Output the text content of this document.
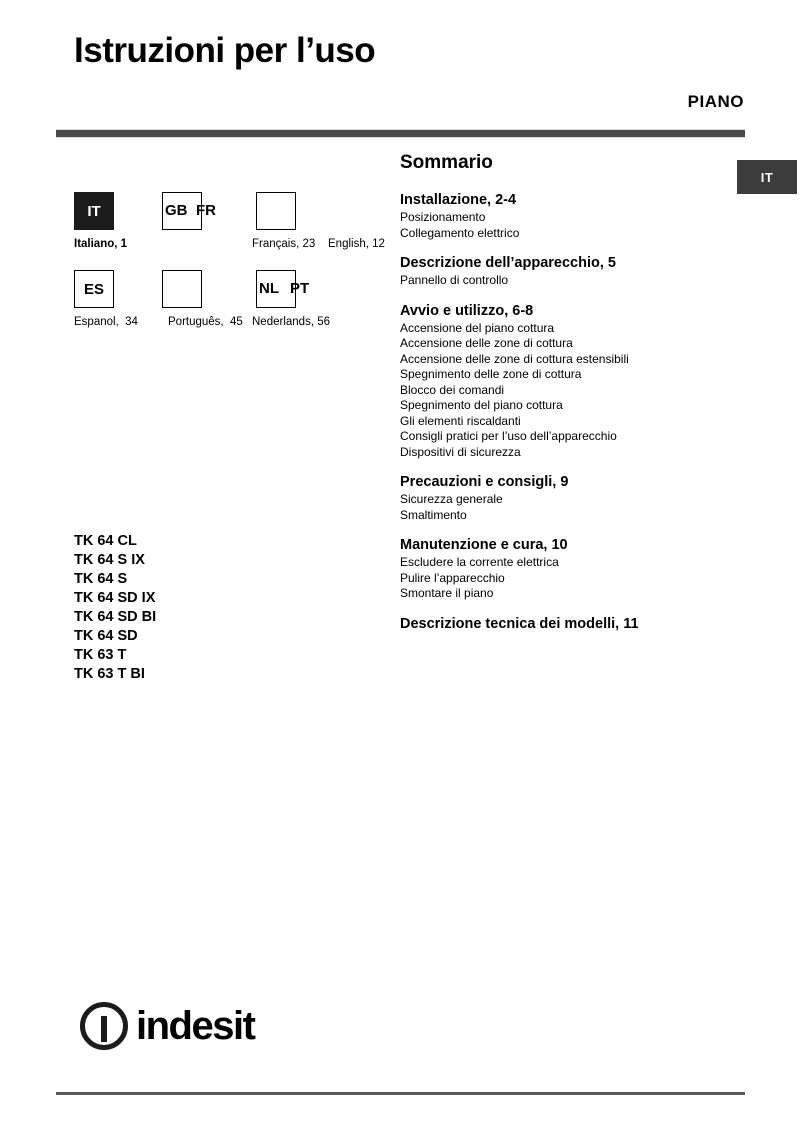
Istruzioni per l’uso
PIANO
IT
IT
Italiano, 1
GB FR
Français, 23 English, 12
ES
Espanol, 34	Português, 45
NL PT
Nederlands, 56
TK 64 CL
TK 64 S IX
TK 64 S
TK 64 SD IX
TK 64 SD BI
TK 64 SD
TK 63 T
TK 63 T BI
Sommario
Installazione, 2-4
Posizionamento
Collegamento elettrico
Descrizione dell’apparecchio, 5
Pannello di controllo
Avvio e utilizzo, 6-8
Accensione del piano cottura
Accensione delle zone di cottura
Accensione delle zone di cottura estensibili
Spegnimento delle zone di cottura
Blocco dei comandi
Spegnimento del piano cottura
Gli elementi riscaldanti
Consigli pratici per l’uso dell’apparecchio
Dispositivi di sicurezza
Precauzioni e consigli, 9
Sicurezza generale
Smaltimento
Manutenzione e cura, 10
Escludere la corrente elettrica
Pulire l’apparecchio
Smontare il piano
Descrizione tecnica dei modelli, 11
indesit
